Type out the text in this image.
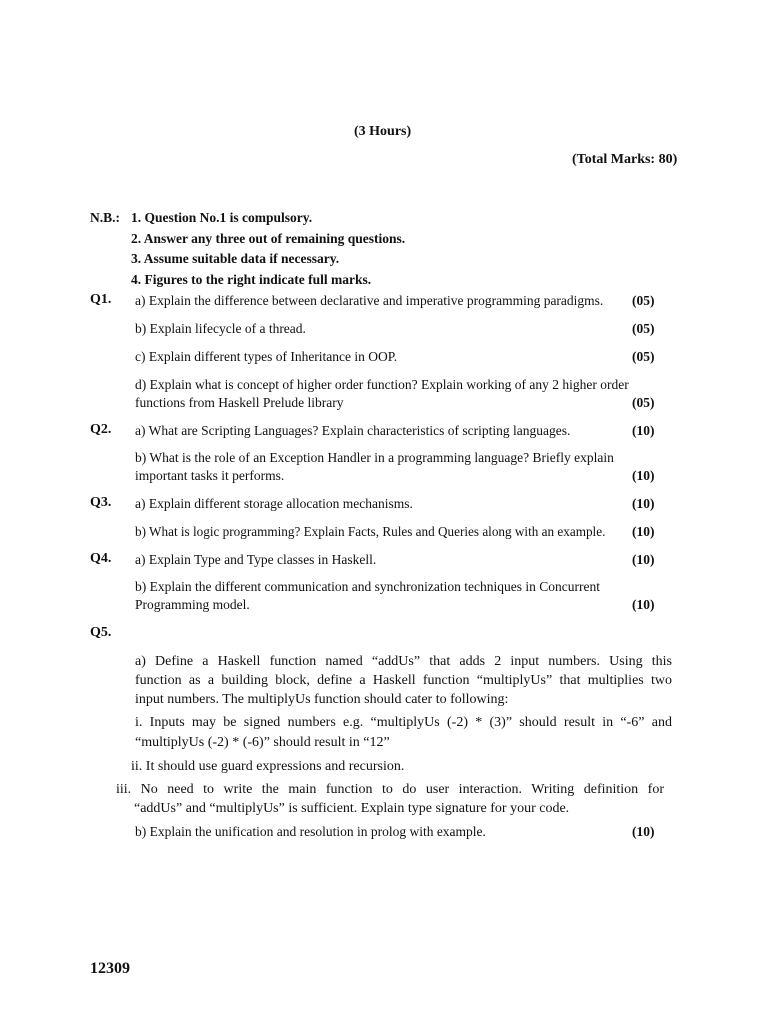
(3 Hours)
(Total Marks: 80)
N.B.: 1. Question No.1 is compulsory.
2. Answer any three out of remaining questions.
3. Assume suitable data if necessary.
4. Figures to the right indicate full marks.
Q1. a) Explain the difference between declarative and imperative programming paradigms. (05)
b) Explain lifecycle of a thread.	(05)
c) Explain different types of Inheritance in OOP.	(05)
d) Explain what is concept of higher order function? Explain working of any 2 higher order
functions from Haskell Prelude library	(05)
Q2. a) What are Scripting Languages? Explain characteristics of scripting languages.	(10)
b) What is the role of an Exception Handler in a programming language? Briefly explain
important tasks it performs.	(10)
Q3. a) Explain different storage allocation mechanisms.	(10)
b) What is logic programming? Explain Facts, Rules and Queries along with an example. (10)
Q4. a) Explain Type and Type classes in Haskell.	(10)
b) Explain the different communication and synchronization techniques in Concurrent
Programming model.	(10)
Q5.
a) Define a Haskell function named “addUs” that adds 2 input numbers. Using this
function as a building block, define a Haskell function “multiplyUs” that multiplies two
input numbers. The multiplyUs function should cater to following:
i. Inputs may be signed numbers e.g. “multiplyUs (-2) * (3)” should result in “-6” and
“multiplyUs (-2) * (-6)” should result in “12”
ii. It should use guard expressions and recursion.
iii. No need to write the main function to do user interaction. Writing definition for
“addUs” and “multiplyUs” is sufficient. Explain type signature for your code.
b) Explain the unification and resolution in prolog with example.	(10)
12309
